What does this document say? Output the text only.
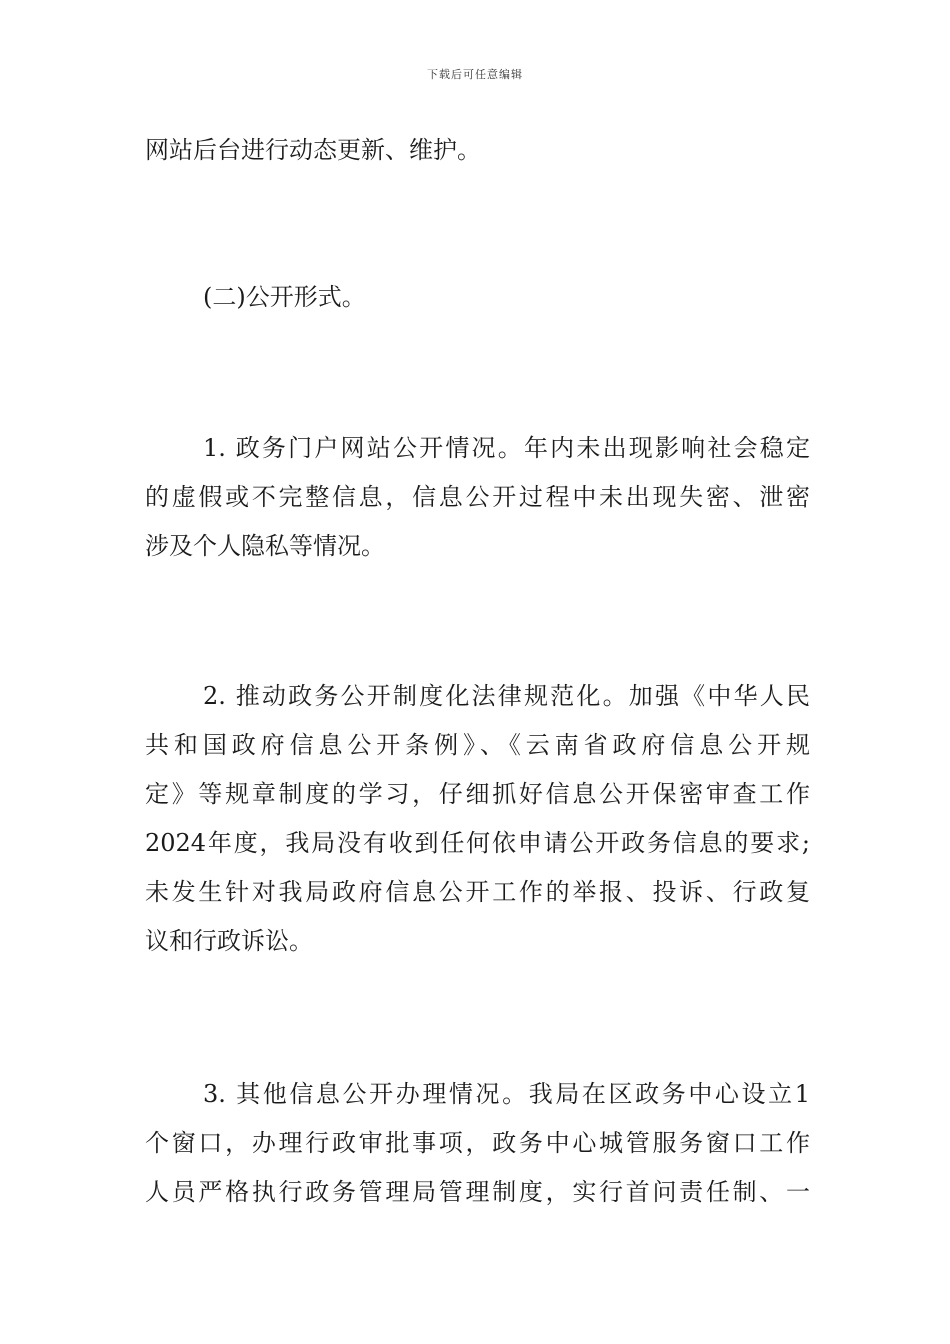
下载后可任意编辑
网站后台进行动态更新、维护。
(二)公开形式。
1. 政务门户网站公开情况。年内未出现影响社会稳定
的虚假或不完整信息，信息公开过程中未出现失密、泄密
涉及个人隐私等情况。
2. 推动政务公开制度化法律规范化。加强《中华人民
共和国政府信息公开条例》、《云南省政府信息公开规
定》等规章制度的学习，仔细抓好信息公开保密审查工作
2024年度，我局没有收到任何依申请公开政务信息的要求;
未发生针对我局政府信息公开工作的举报、投诉、行政复
议和行政诉讼。
3. 其他信息公开办理情况。我局在区政务中心设立1
个窗口，办理行政审批事项，政务中心城管服务窗口工作
人员严格执行政务管理局管理制度，实行首问责任制、一
